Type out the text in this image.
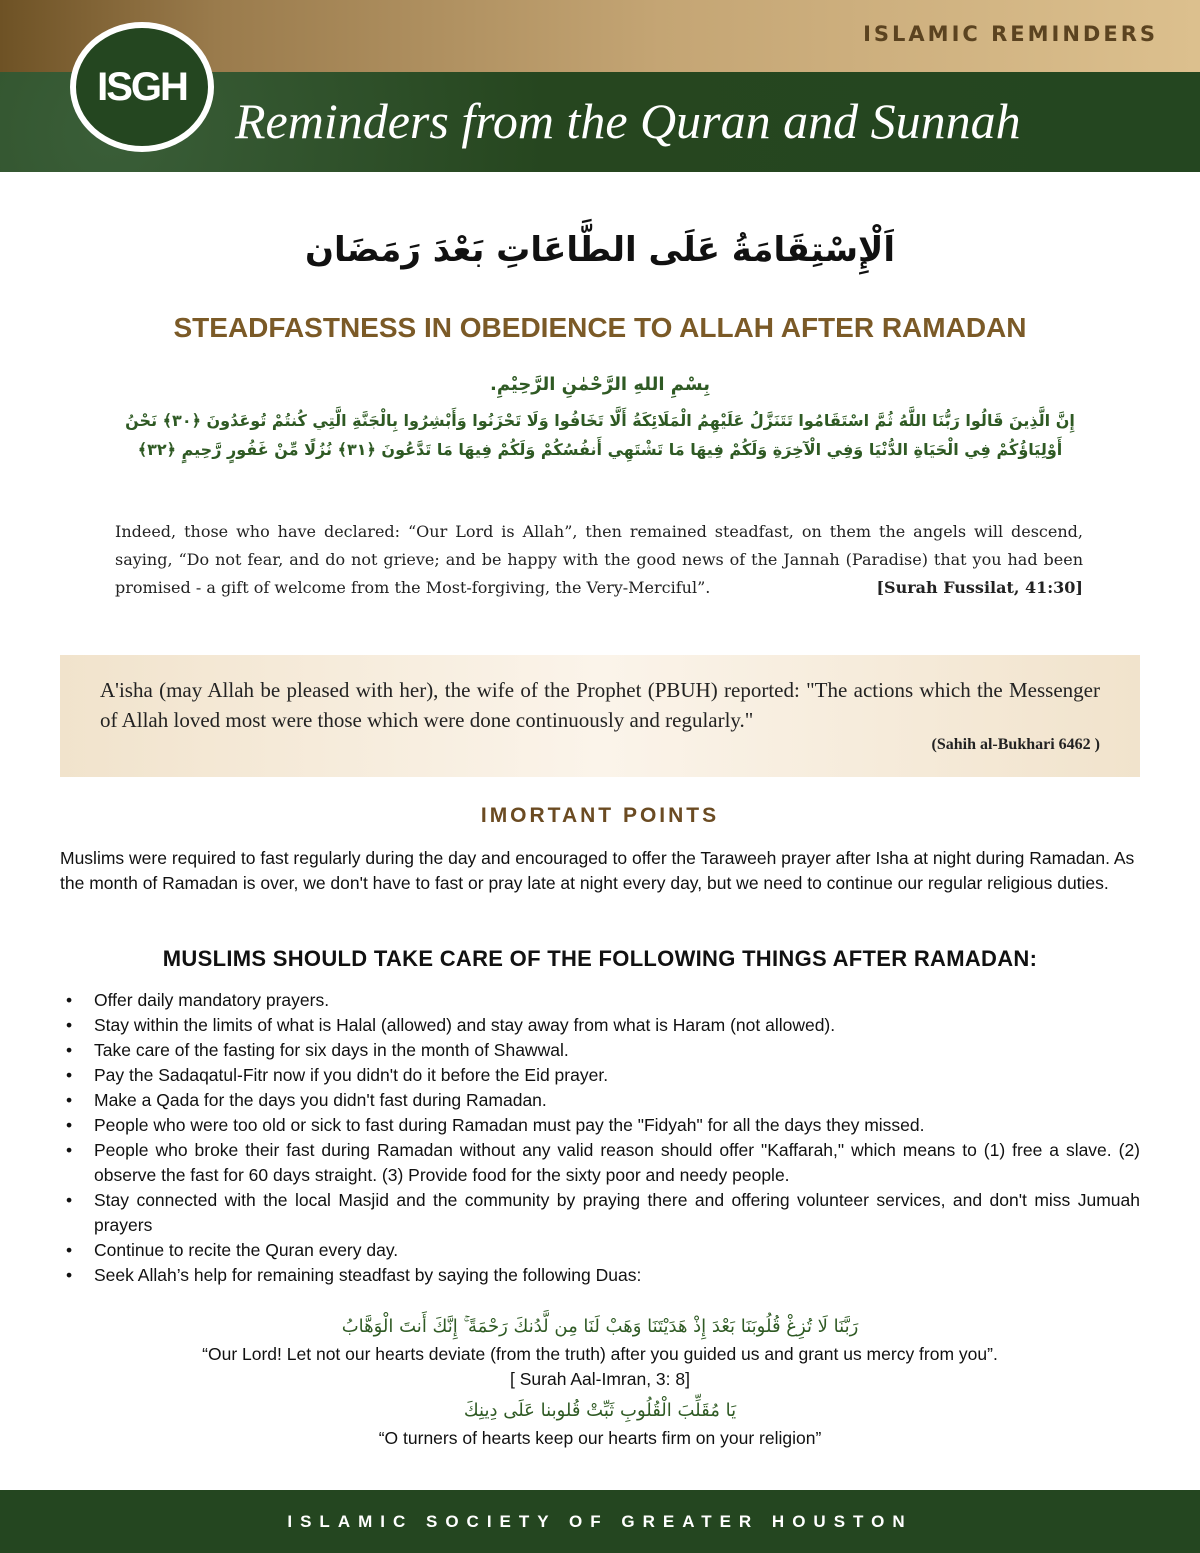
ISLAMIC REMINDERS
ISGH
Reminders from the Quran and Sunnah
اَلْإِسْتِقَامَةُ عَلَى الطَّاعَاتِ بَعْدَ رَمَضَان
STEADFASTNESS IN OBEDIENCE TO ALLAH AFTER RAMADAN
بِسْمِ اللهِ الرَّحْمٰنِ الرَّحِيْمِ.
إِنَّ الَّذِينَ قَالُوا رَبُّنَا اللَّهُ ثُمَّ اسْتَقَامُوا تَتَنَزَّلُ عَلَيْهِمُ الْمَلَائِكَةُ أَلَّا تَخَافُوا وَلَا تَحْزَنُوا وَأَبْشِرُوا بِالْجَنَّةِ الَّتِي كُنتُمْ تُوعَدُونَ ﴿٣٠﴾ نَحْنُ
أَوْلِيَاؤُكُمْ فِي الْحَيَاةِ الدُّنْيَا وَفِي الْآخِرَةِ وَلَكُمْ فِيهَا مَا تَشْتَهِي أَنفُسُكُمْ وَلَكُمْ فِيهَا مَا تَدَّعُونَ ﴿٣١﴾ نُزُلًا مِّنْ غَفُورٍ رَّحِيمٍ ﴿٣٢﴾
Indeed, those who have declared: “Our Lord is Allah”, then remained steadfast, on them the angels will descend, saying, “Do not fear, and do not grieve; and be happy with the good news of the Jannah (Paradise) that you had been promised - a gift of welcome from the Most-forgiving, the Very-Merciful”.	[Surah Fussilat, 41:30]

A'isha (may Allah be pleased with her), the wife of the Prophet (PBUH) reported: "The actions which the Messenger of Allah loved most were those which were done continuously and regularly."

(Sahih al-Bukhari 6462 )

IMORTANT POINTS
Muslims were required to fast regularly during the day and encouraged to offer the Taraweeh prayer after Isha at night during Ramadan. As the month of Ramadan is over, we don't have to fast or pray late at night every day, but we need to continue our regular religious duties.
MUSLIMS SHOULD TAKE CARE OF THE FOLLOWING THINGS AFTER RAMADAN:
• Offer daily mandatory prayers.
• Stay within the limits of what is Halal (allowed) and stay away from what is Haram (not allowed).
• Take care of the fasting for six days in the month of Shawwal.
• Pay the Sadaqatul-Fitr now if you didn't do it before the Eid prayer.
• Make a Qada for the days you didn't fast during Ramadan.
• People who were too old or sick to fast during Ramadan must pay the "Fidyah" for all the days they missed.
• People who broke their fast during Ramadan without any valid reason should offer "Kaffarah," which means to (1) free a slave. (2) observe the fast for 60 days straight. (3) Provide food for the sixty poor and needy people.
• Stay connected with the local Masjid and the community by praying there and offering volunteer services, and don't miss Jumuah prayers
• Continue to recite the Quran every day.
• Seek Allah’s help for remaining steadfast by saying the following Duas:
رَبَّنَا لَا تُزِغْ قُلُوبَنَا بَعْدَ إِذْ هَدَيْتَنَا وَهَبْ لَنَا مِن لَّدُنكَ رَحْمَةً ۚ إِنَّكَ أَنتَ الْوَهَّابُ
“Our Lord! Let not our hearts deviate (from the truth) after you guided us and grant us mercy from you”.
[ Surah Aal-Imran, 3: 8]
يَا مُقَلِّبَ الْقُلُوبِ ثَبِّتْ قُلوبنا عَلَى دِينِكَ
“O turners of hearts keep our hearts firm on your religion”
ISLAMIC SOCIETY OF GREATER HOUSTON
